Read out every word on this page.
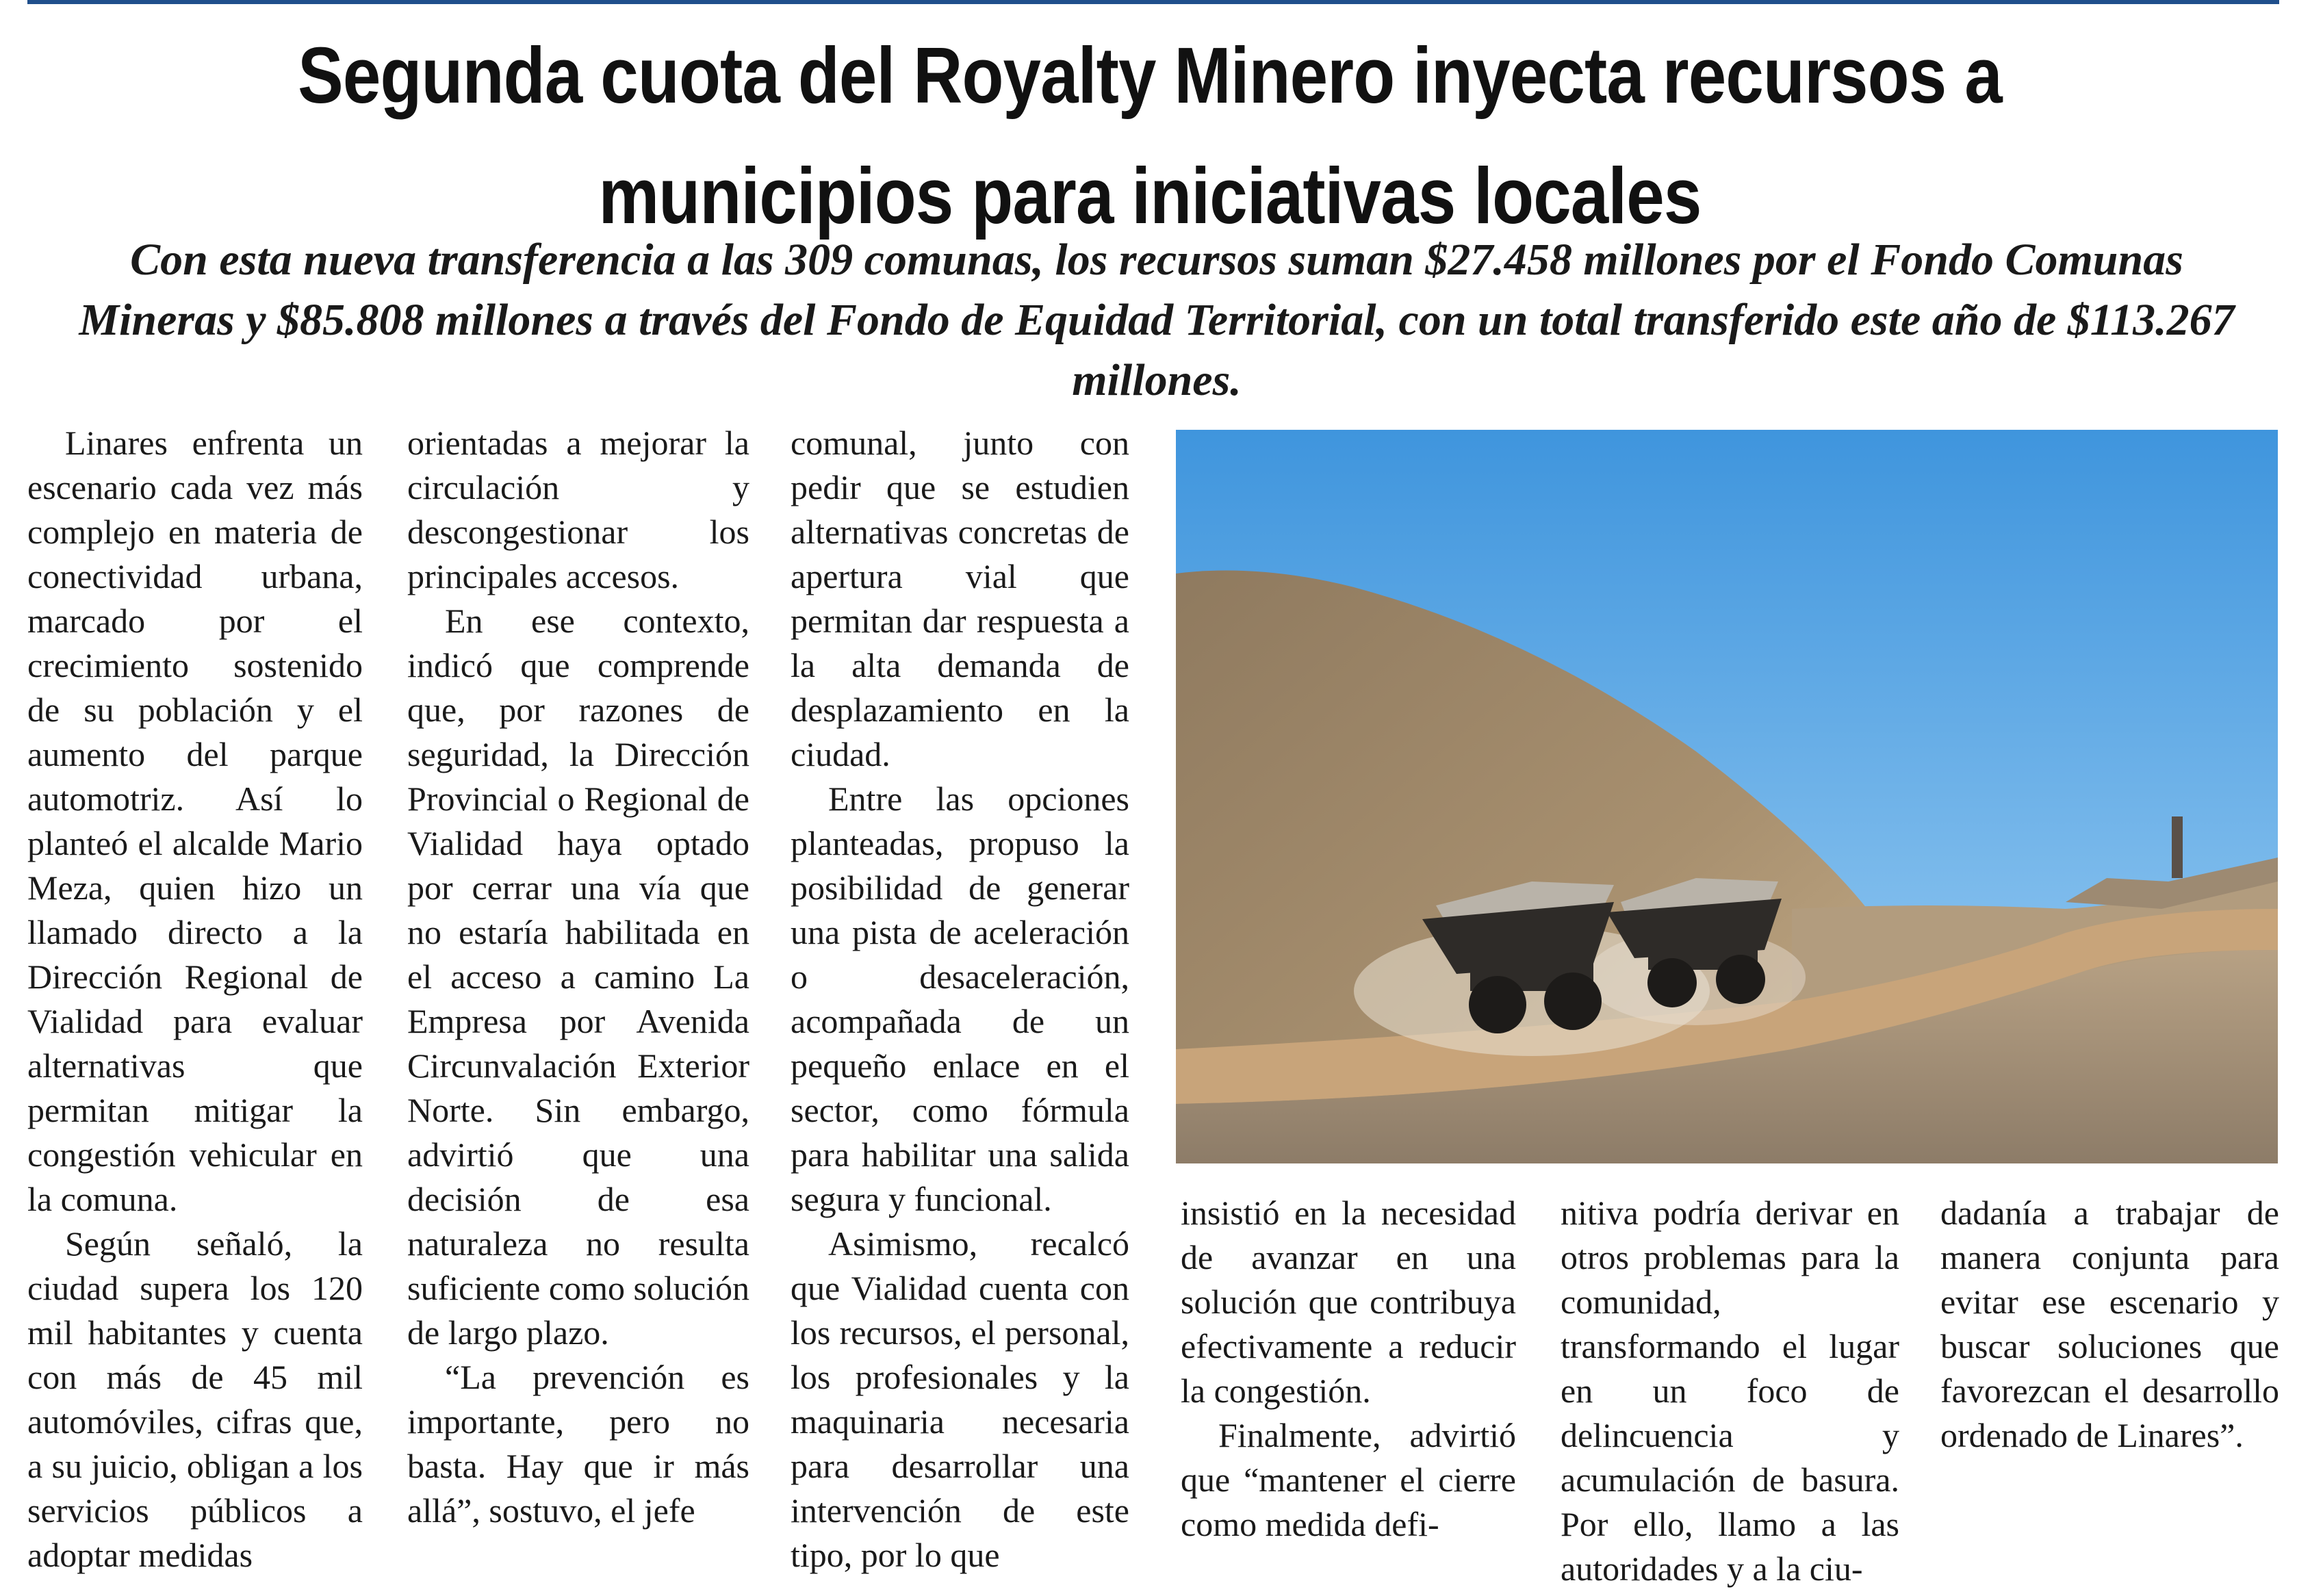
Segunda cuota del Royalty Minero inyecta recursos a municipios para iniciativas locales

Con esta nueva transferencia a las 309 comunas, los recursos suman $27.458 millones por el Fondo Comunas Mineras y $85.808 millones a través del Fondo de Equidad Territorial, con un total transferido este año de $113.267 millones.

Linares enfrenta un escenario cada vez más complejo en materia de conectividad urbana, marcado por el crecimiento sostenido de su población y el aumento del parque automotriz. Así lo planteó el alcalde Mario Meza, quien hizo un llamado directo a la Dirección Regional de Vialidad para evaluar alternativas que permitan mitigar la congestión vehicular en la comuna.

Según señaló, la ciudad supera los 120 mil habitantes y cuenta con más de 45 mil automóviles, cifras que, a su juicio, obligan a los servicios públicos a adoptar medidas

orientadas a mejorar la circulación y descongestionar los principales accesos.

En ese contexto, indicó que comprende que, por razones de seguridad, la Dirección Provincial o Regional de Vialidad haya optado por cerrar una vía que no estaría habilitada en el acceso a camino La Empresa por Avenida Circunvalación Exterior Norte. Sin embargo, advirtió que una decisión de esa naturaleza no resulta suficiente como solución de largo plazo.

“La prevención es importante, pero no basta. Hay que ir más allá”, sostuvo, el jefe

comunal, junto con pedir que se estudien alternativas concretas de apertura vial que permitan dar respuesta a la alta demanda de desplazamiento en la ciudad.

Entre las opciones planteadas, propuso la posibilidad de generar una pista de aceleración o desaceleración, acompañada de un pequeño enlace en el sector, como fórmula para habilitar una salida segura y funcional.

Asimismo, recalcó que Vialidad cuenta con los recursos, el personal, los profesionales y la maquinaria necesaria para desarrollar una intervención de este tipo, por lo que

insistió en la necesidad de avanzar en una solución que contribuya efectivamente a reducir la congestión.

Finalmente, advirtió que “mantener el cierre como medida defi-

nitiva podría derivar en otros problemas para la comunidad, transformando el lugar en un foco de delincuencia y acumulación de basura. Por ello, llamo a las autoridades y a la ciu-

dadanía a trabajar de manera conjunta para evitar ese escenario y buscar soluciones que favorezcan el desarrollo ordenado de Linares”.
